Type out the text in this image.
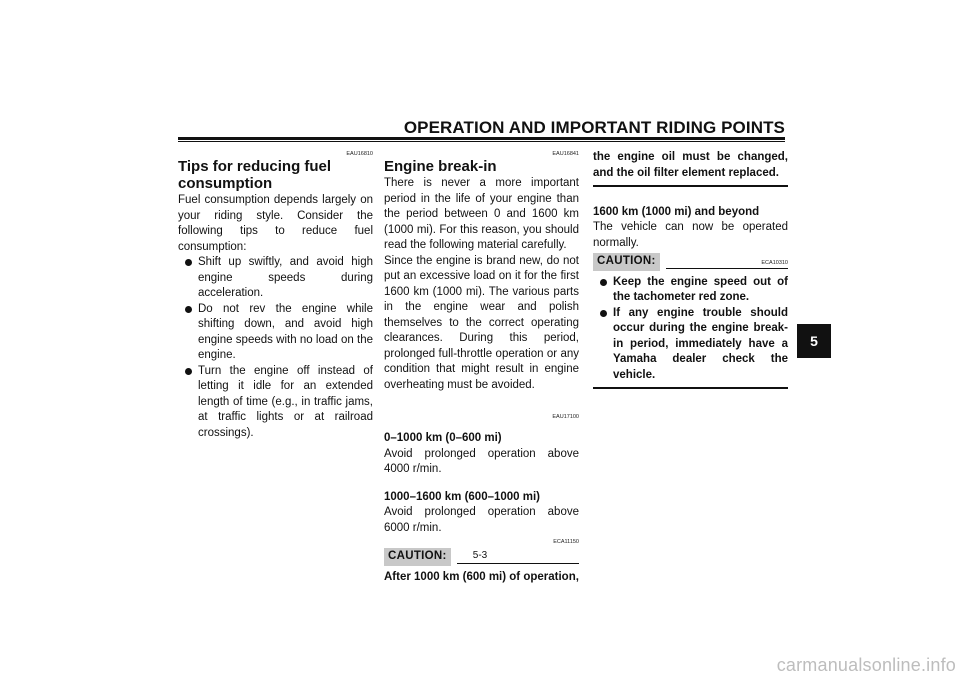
OPERATION AND IMPORTANT RIDING POINTS
5
EAU16810
Tips for reducing fuel consumption

Fuel consumption depends largely on your riding style. Consider the following tips to reduce fuel consumption:

Shift up swiftly, and avoid high engine speeds during acceleration.
Do not rev the engine while shifting down, and avoid high engine speeds with no load on the engine.
Turn the engine off instead of letting it idle for an extended length of time (e.g., in traffic jams, at traffic lights or at railroad crossings).
EAU16841
Engine break-in

There is never a more important period in the life of your engine than the period between 0 and 1600 km (1000 mi). For this reason, you should read the following material carefully.

Since the engine is brand new, do not put an excessive load on it for the first 1600 km (1000 mi). The various parts in the engine wear and polish themselves to the correct operating clearances. During this period, prolonged full-throttle operation or any condition that might result in engine overheating must be avoided.

EAU17100
0–1000 km (0–600 mi)

Avoid prolonged operation above 4000 r/min.

1000–1600 km (600–1000 mi)

Avoid prolonged operation above 6000 r/min.

ECA11150
CAUTION:
After 1000 km (600 mi) of operation,

the engine oil must be changed, and the oil filter element replaced.

1600 km (1000 mi) and beyond

The vehicle can now be operated normally.

CAUTION:	ECA10310
Keep the engine speed out of the tachometer red zone.
If any engine trouble should occur during the engine break-in period, immediately have a Yamaha dealer check the vehicle.
5-3
carmanualsonline.info
